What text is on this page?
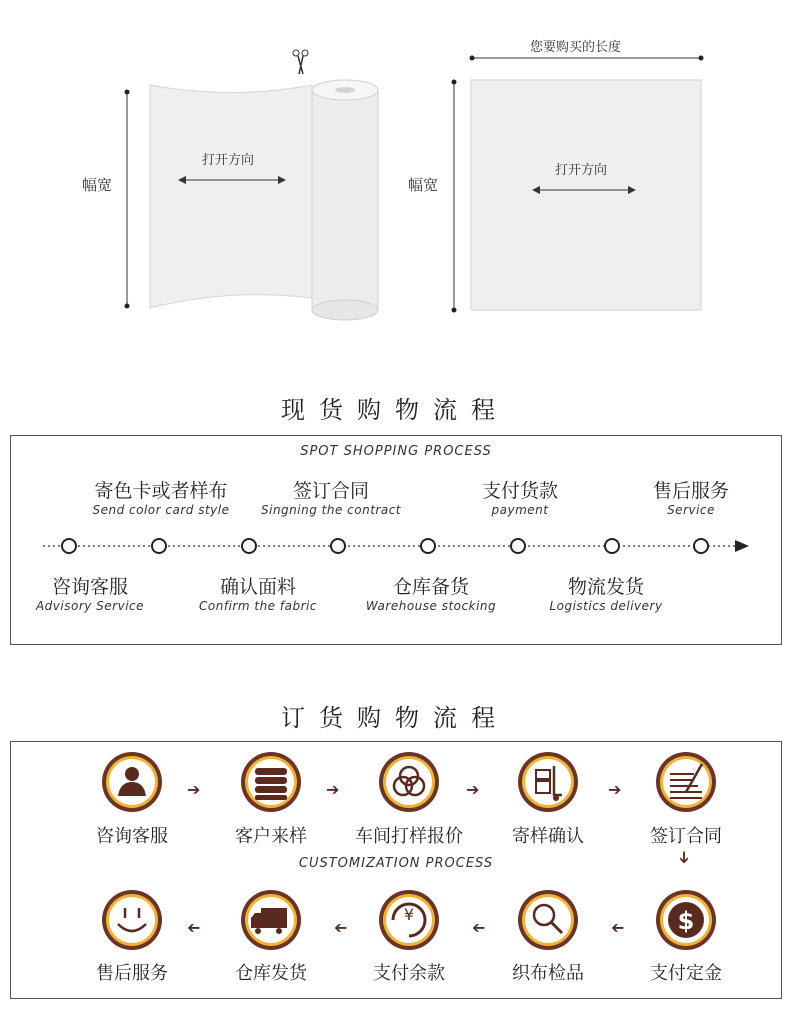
幅宽
打开方向
您要购买的长度
幅宽
打开方向
现货购物流程
SPOT SHOPPING PROCESS
寄色卡或者样布
Send color card style
签订合同
Singning the contract
支付货款
payment
售后服务
Service
咨询客服
Advisory Service
确认面料
Confirm the fabric
仓库备货
Warehouse stocking
物流发货
Logistics delivery
订货购物流程
➔	➔	➔	➔
咨询客服	客户来样	车间打样报价	寄样确认	签订合同
CUSTOMIZATION PROCESS	➔
¥	$
➔	➔	➔	➔
售后服务	仓库发货	支付余款	织布检品	支付定金
